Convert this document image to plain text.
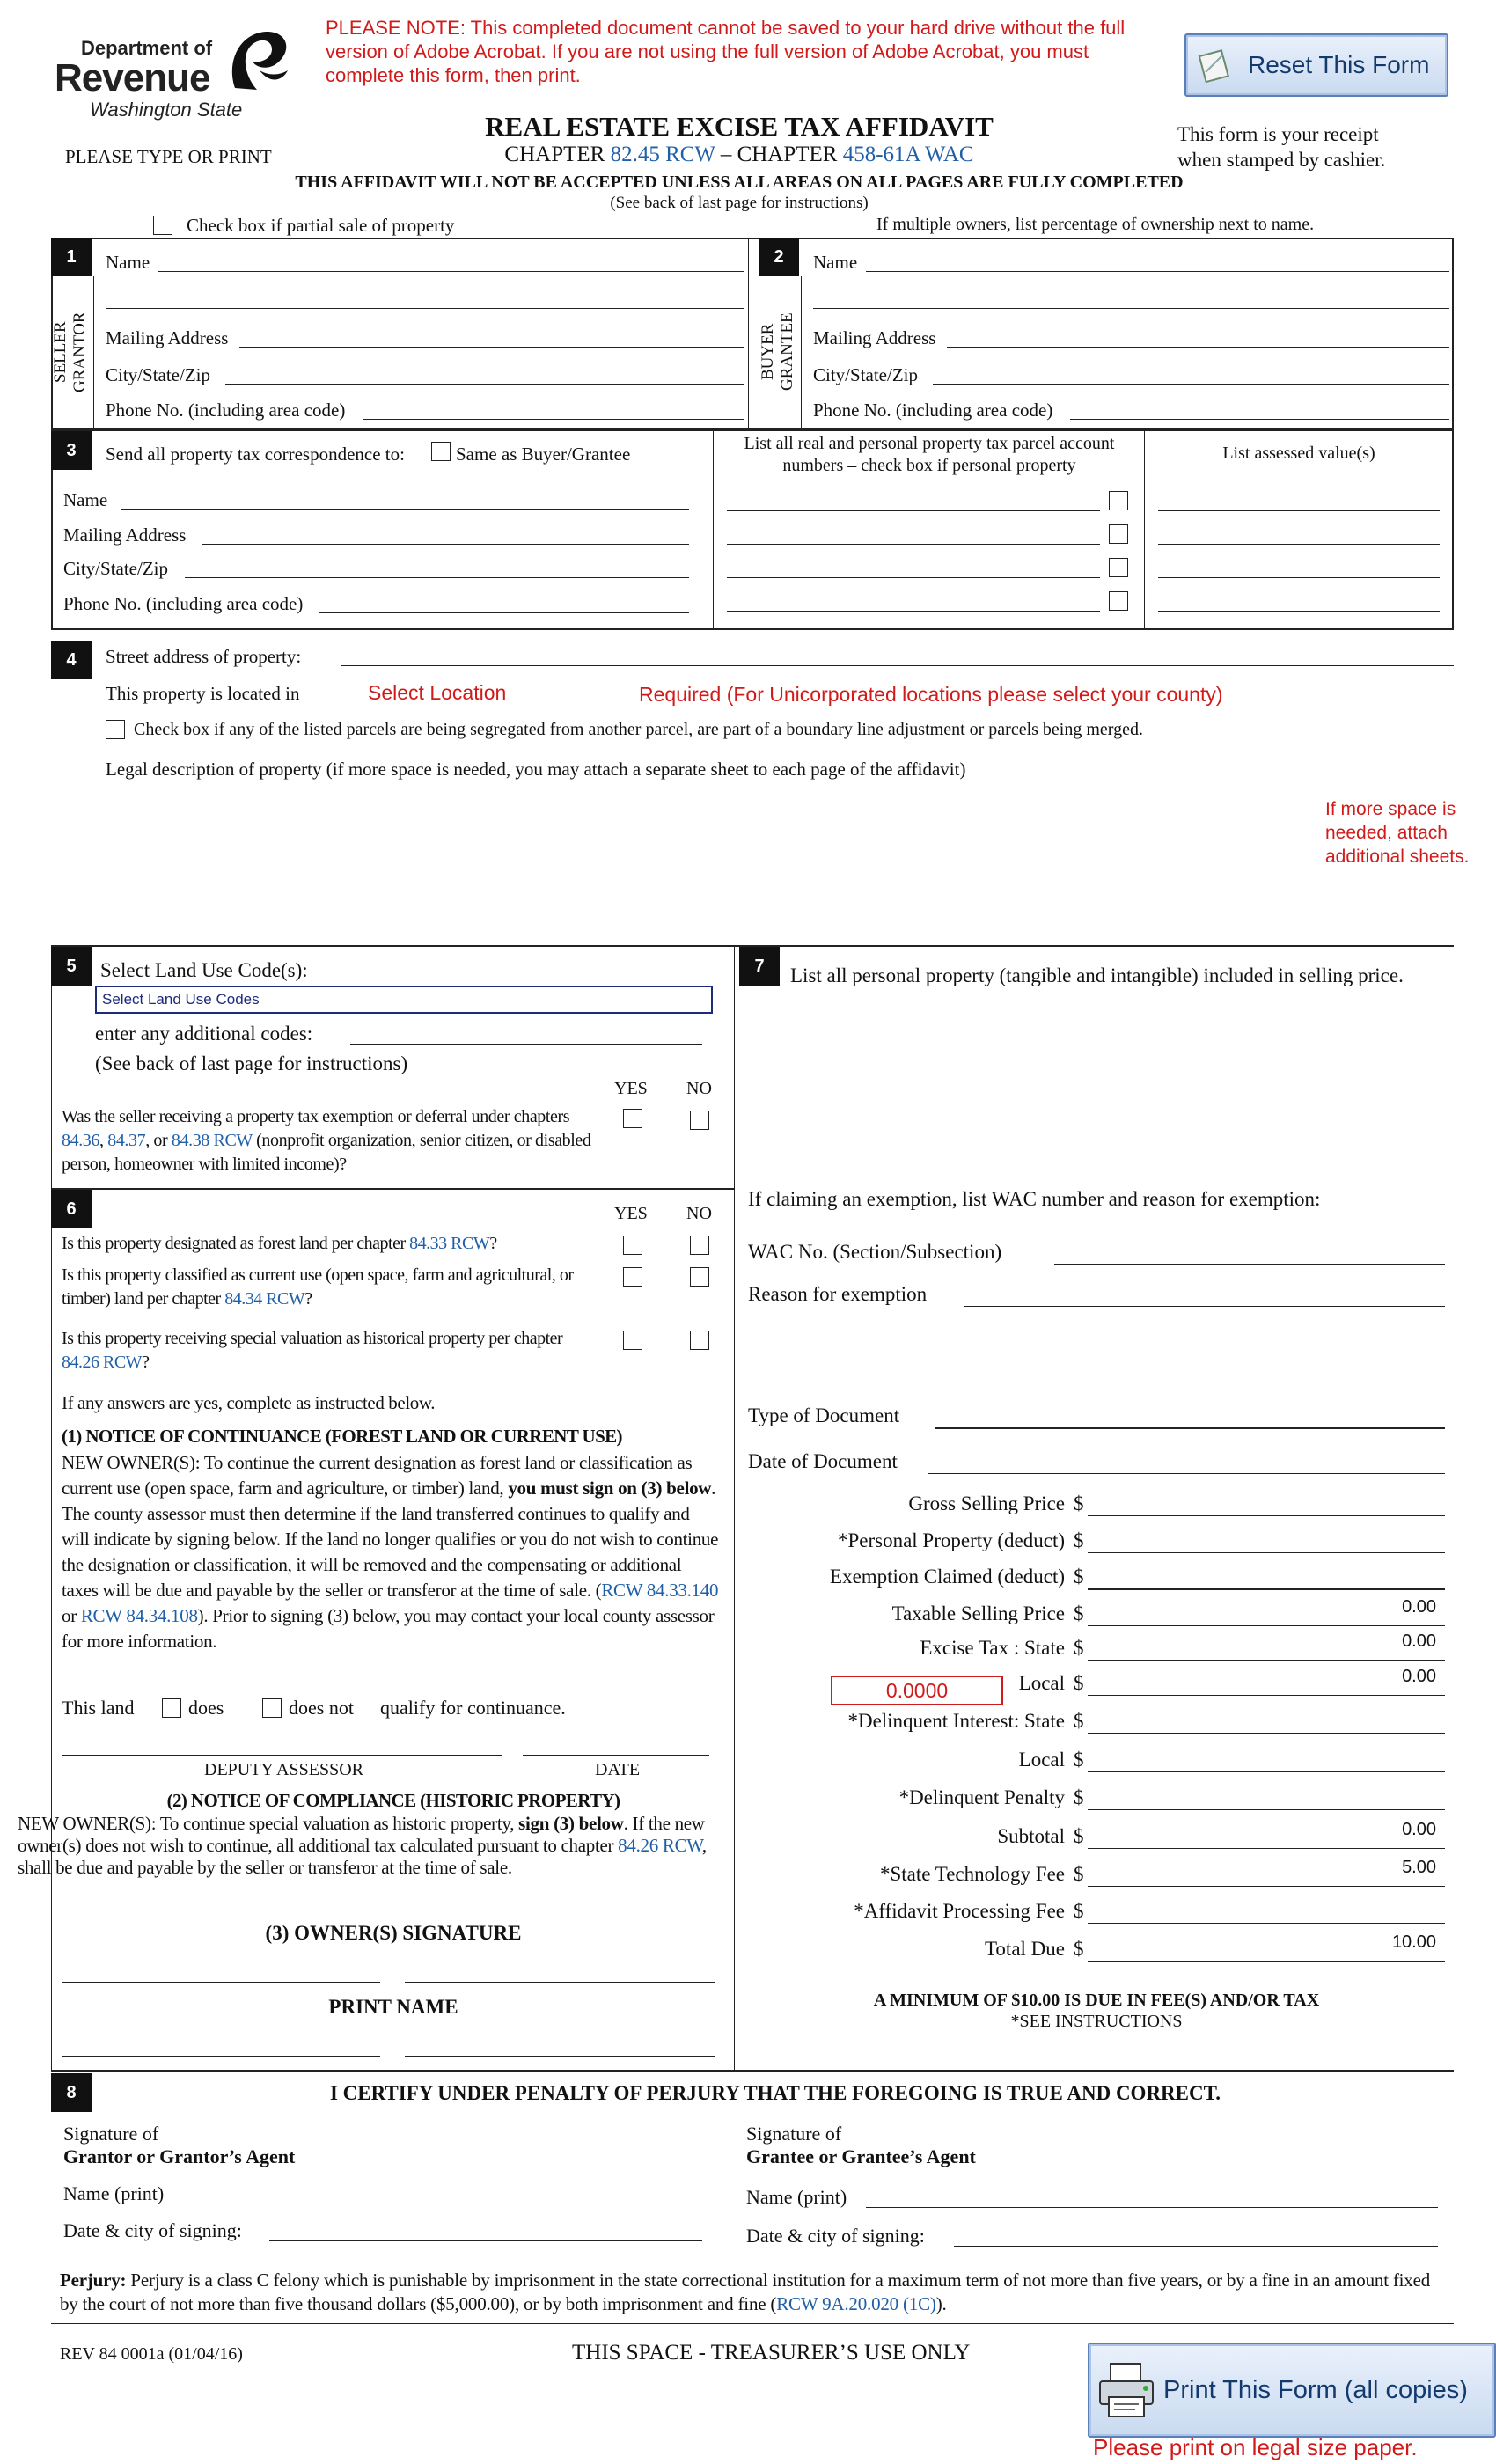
Department of
Revenue
Washington State
PLEASE NOTE: This completed document cannot be saved to your hard drive without the full version of Adobe Acrobat. If you are not using the full version of Adobe Acrobat, you must complete this form, then print.	Reset This Form
REAL ESTATE EXCISE TAX AFFIDAVIT
CHAPTER 82.45 RCW – CHAPTER 458-61A WAC
PLEASE TYPE OR PRINT
This form is your receipt when stamped by cashier.
THIS AFFIDAVIT WILL NOT BE ACCEPTED UNLESS ALL AREAS ON ALL PAGES ARE FULLY COMPLETED
(See back of last page for instructions)
Check box if partial sale of property	If multiple owners, list percentage of ownership next to name.
1
SELLER GRANTOR
Name
Mailing Address
City/State/Zip
Phone No. (including area code)
2
BUYER GRANTEE
Name
Mailing Address
City/State/Zip
Phone No. (including area code)
3	Send all property tax correspondence to:	Same as Buyer/Grantee
Name
Mailing Address
City/State/Zip
Phone No. (including area code)
List all real and personal property tax parcel account numbers – check box if personal property
List assessed value(s)
4	Street address of property:
This property is located in	Select Location	Required (For Unicorporated locations please select your county)
Check box if any of the listed parcels are being segregated from another parcel, are part of a boundary line adjustment or parcels being merged.
Legal description of property (if more space is needed, you may attach a separate sheet to each page of the affidavit)
If more space is needed, attach additional sheets.
5	Select Land Use Code(s):
Select Land Use Codes
enter any additional codes:
(See back of last page for instructions)
YES NO
Was the seller receiving a property tax exemption or deferral under chapters 84.36, 84.37, or 84.38 RCW (nonprofit organization, senior citizen, or disabled person, homeowner with limited income)?
6	YES NO
Is this property designated as forest land per chapter 84.33 RCW?
Is this property classified as current use (open space, farm and agricultural, or timber) land per chapter 84.34 RCW?
Is this property receiving special valuation as historical property per chapter 84.26 RCW?
If any answers are yes, complete as instructed below.
(1) NOTICE OF CONTINUANCE (FOREST LAND OR CURRENT USE)
NEW OWNER(S): To continue the current designation as forest land or classification as current use (open space, farm and agriculture, or timber) land, you must sign on (3) below. The county assessor must then determine if the land transferred continues to qualify and will indicate by signing below. If the land no longer qualifies or you do not wish to continue the designation or classification, it will be removed and the compensating or additional taxes will be due and payable by the seller or transferor at the time of sale. (RCW 84.33.140 or RCW 84.34.108). Prior to signing (3) below, you may contact your local county assessor for more information.
This land	does	does not qualify for continuance.
DEPUTY ASSESSOR	DATE
(2) NOTICE OF COMPLIANCE (HISTORIC PROPERTY)
NEW OWNER(S): To continue special valuation as historic property, sign (3) below. If the new owner(s) does not wish to continue, all additional tax calculated pursuant to chapter 84.26 RCW, shall be due and payable by the seller or transferor at the time of sale.
(3) OWNER(S) SIGNATURE
PRINT NAME
7	List all personal property (tangible and intangible) included in selling price.
If claiming an exemption, list WAC number and reason for exemption:
WAC No. (Section/Subsection)
Reason for exemption
Type of Document
Date of Document
Gross Selling Price $
*Personal Property (deduct) $
Exemption Claimed (deduct) $
Taxable Selling Price $	0.00
Excise Tax : State $	0.00
Local $	0.00
*Delinquent Interest: State $
Local $
*Delinquent Penalty $
Subtotal $	0.00
*State Technology Fee $	5.00
*Affidavit Processing Fee $
Total Due $	10.00
0.0000
A MINIMUM OF $10.00 IS DUE IN FEE(S) AND/OR TAX
*SEE INSTRUCTIONS
8	I CERTIFY UNDER PENALTY OF PERJURY THAT THE FOREGOING IS TRUE AND CORRECT.
Signature of
Grantor or Grantor’s Agent
Name (print)
Date & city of signing:
Signature of
Grantee or Grantee’s Agent
Name (print)
Date & city of signing:
Perjury: Perjury is a class C felony which is punishable by imprisonment in the state correctional institution for a maximum term of not more than five years, or by a fine in an amount fixed by the court of not more than five thousand dollars ($5,000.00), or by both imprisonment and fine (RCW 9A.20.020 (1C)).
REV 84 0001a (01/04/16)	THIS SPACE - TREASURER’S USE ONLY
Print This Form (all copies)
Please print on legal size paper.
